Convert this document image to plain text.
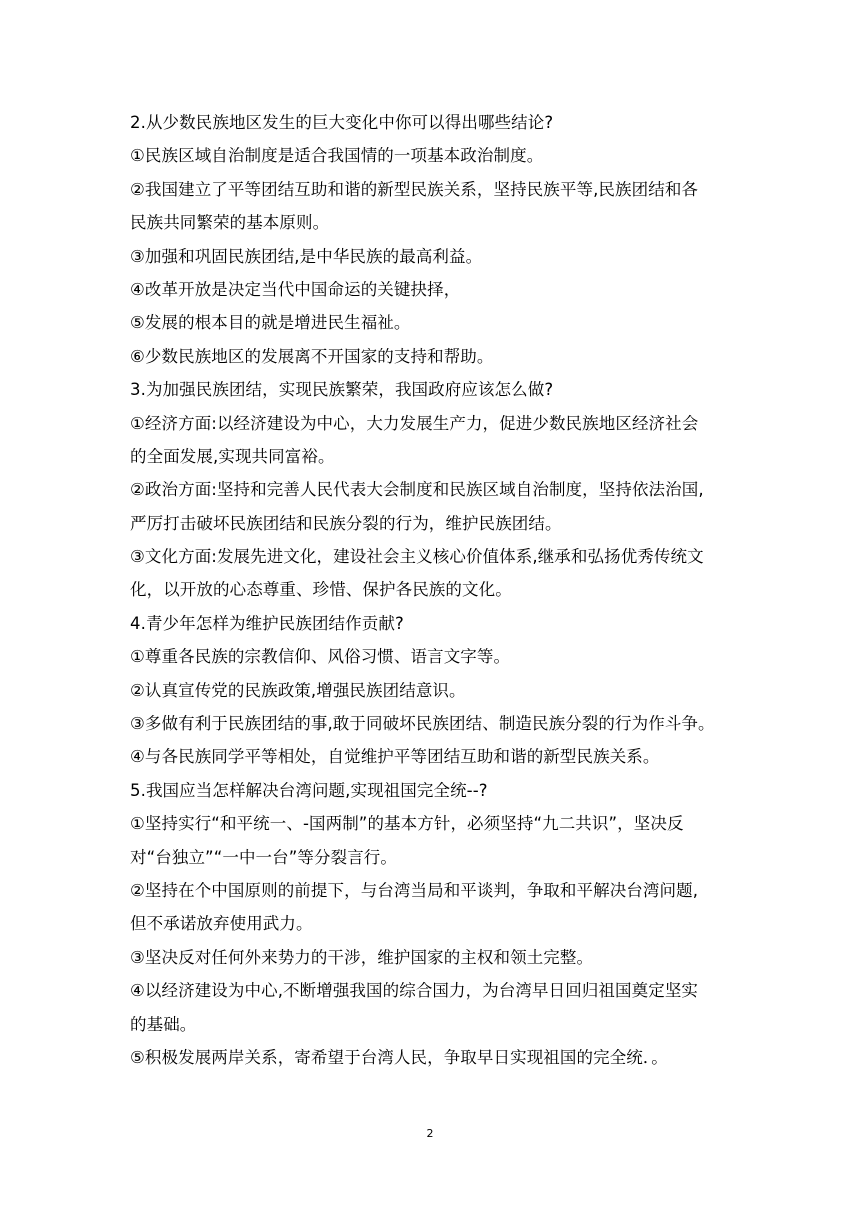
2.从少数民族地区发生的巨大变化中你可以得出哪些结论?
①民族区域自治制度是适合我国情的一项基本政治制度。
②我国建立了平等团结互助和谐的新型民族关系，坚持民族平等,民族团结和各
民族共同繁荣的基本原则。
③加强和巩固民族团结,是中华民族的最高利益。
④改革开放是决定当代中国命运的关键抉择，
⑤发展的根本目的就是增进民生福祉。
⑥少数民族地区的发展离不开国家的支持和帮助。
3.为加强民族团结，实现民族繁荣，我国政府应该怎么做?
①经济方面:以经济建设为中心，大力发展生产力，促进少数民族地区经济社会
的全面发展,实现共同富裕。
②政治方面:坚持和完善人民代表大会制度和民族区域自治制度，坚持依法治国,
严厉打击破坏民族团结和民族分裂的行为，维护民族团结。
③文化方面:发展先进文化，建设社会主义核心价值体系,继承和弘扬优秀传统文
化，以开放的心态尊重、珍惜、保护各民族的文化。
4.青少年怎样为维护民族团结作贡献?
①尊重各民族的宗教信仰、风俗习惯、语言文字等。
②认真宣传党的民族政策,增强民族团结意识。
③多做有利于民族团结的事,敢于同破坏民族团结、制造民族分裂的行为作斗争。
④与各民族同学平等相处，自觉维护平等团结互助和谐的新型民族关系。
5.我国应当怎样解决台湾问题,实现祖国完全统--?
①坚持实行“和平统一、-国两制”的基本方针，必须坚持“九二共识”，坚决反
对“台独立”“一中一台”等分裂言行。
②坚持在个中国原则的前提下，与台湾当局和平谈判，争取和平解决台湾问题,
但不承诺放弃使用武力。
③坚决反对任何外来势力的干涉，维护国家的主权和领土完整。
④以经济建设为中心,不断增强我国的综合国力，为台湾早日回归祖国奠定坚实
的基础。
⑤积极发展两岸关系，寄希望于台湾人民，争取早日实现祖国的完全统．。
2
